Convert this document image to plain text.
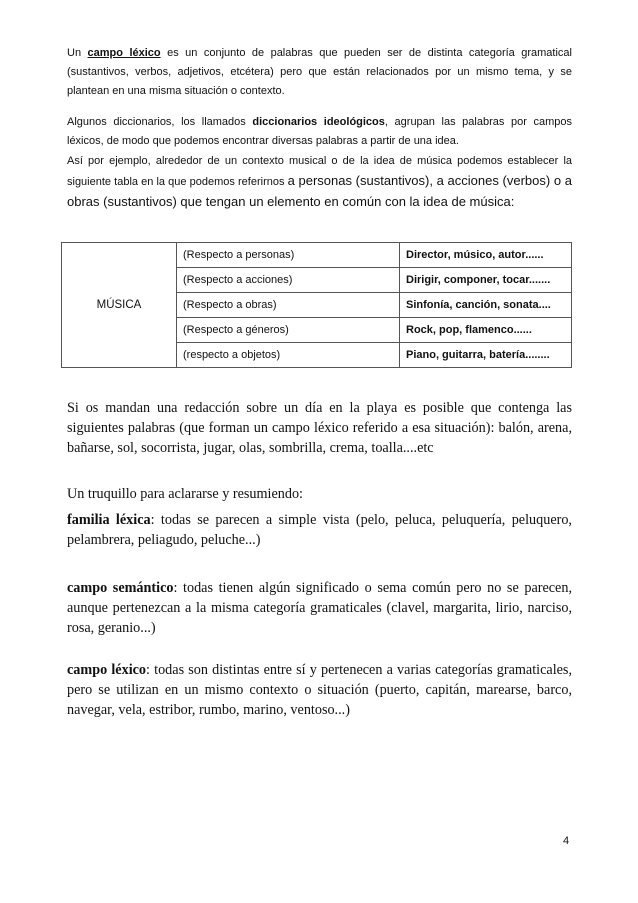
Un campo léxico es un conjunto de palabras que pueden ser de distinta categoría gramatical (sustantivos, verbos, adjetivos, etcétera) pero que están relacionados por un mismo tema, y se plantean en una misma situación o contexto.

Algunos diccionarios, los llamados diccionarios ideológicos, agrupan las palabras por campos léxicos, de modo que podemos encontrar diversas palabras a partir de una idea.

Así por ejemplo, alrededor de un contexto musical o de la idea de música podemos establecer la siguiente tabla en la que podemos referirnos a personas (sustantivos), a acciones (verbos) o a obras (sustantivos) que tengan un elemento en común con la idea de música:

MÚSICA	(Respecto a personas)	Director, músico, autor......
	(Respecto a acciones)	Dirigir, componer, tocar.......
	(Respecto a obras)	Sinfonía, canción, sonata....
	(Respecto a géneros)	Rock, pop, flamenco......
	(respecto a objetos)	Piano, guitarra, batería........

Si os mandan una redacción sobre un día en la playa es posible que contenga las siguientes palabras (que forman un campo léxico referido a esa situación): balón, arena, bañarse, sol, socorrista, jugar, olas, sombrilla, crema, toalla....etc

Un truquillo para aclararse y resumiendo:

familia léxica: todas se parecen a simple vista (pelo, peluca, peluquería, peluquero, pelambrera, peliagudo, peluche...)

campo semántico: todas tienen algún significado o sema común pero no se parecen, aunque pertenezcan a la misma categoría gramaticales (clavel, margarita, lirio, narciso, rosa, geranio...)

campo léxico: todas son distintas entre sí y pertenecen a varias categorías gramaticales, pero se utilizan en un mismo contexto o situación (puerto, capitán, marearse, barco, navegar, vela, estribor, rumbo, marino, ventoso...)

4
